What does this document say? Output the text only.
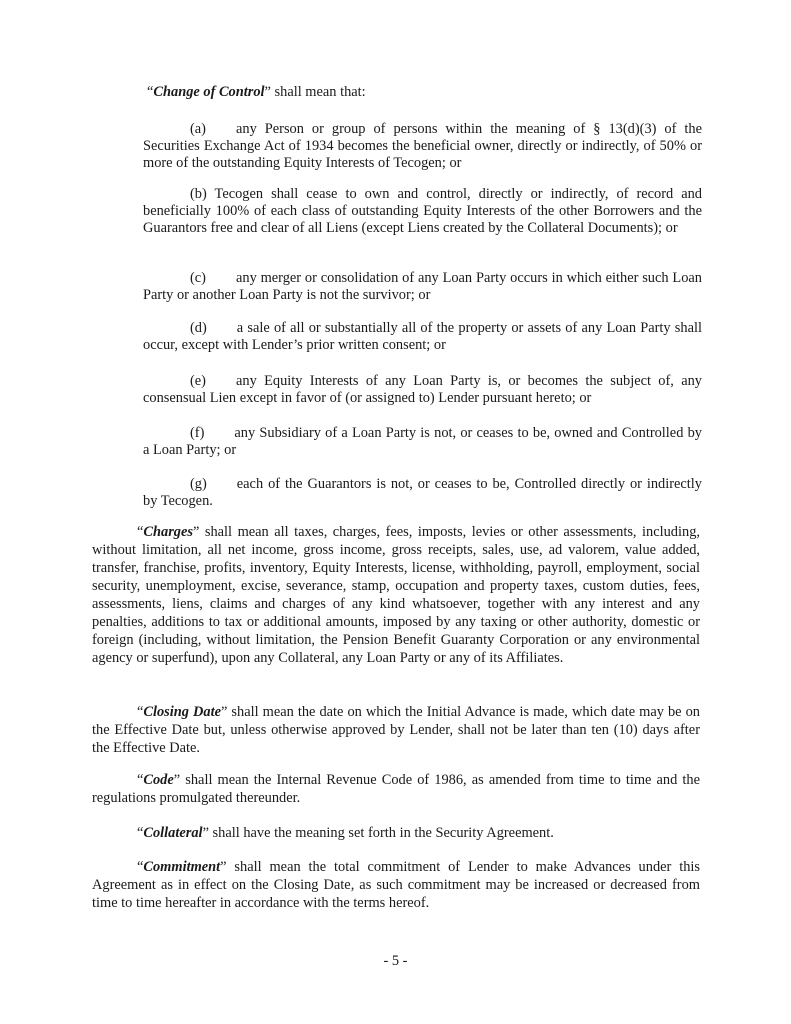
“Change of Control” shall mean that:

(a) any Person or group of persons within the meaning of § 13(d)(3) of the Securities Exchange Act of 1934 becomes the beneficial owner, directly or indirectly, of 50% or more of the outstanding Equity Interests of Tecogen; or

(b) Tecogen shall cease to own and control, directly or indirectly, of record and beneficially 100% of each class of outstanding Equity Interests of the other Borrowers and the Guarantors free and clear of all Liens (except Liens created by the Collateral Documents); or

(c) any merger or consolidation of any Loan Party occurs in which either such Loan Party or another Loan Party is not the survivor; or

(d) a sale of all or substantially all of the property or assets of any Loan Party shall occur, except with Lender’s prior written consent; or

(e) any Equity Interests of any Loan Party is, or becomes the subject of, any consensual Lien except in favor of (or assigned to) Lender pursuant hereto; or

(f) any Subsidiary of a Loan Party is not, or ceases to be, owned and Controlled by a Loan Party; or

(g) each of the Guarantors is not, or ceases to be, Controlled directly or indirectly by Tecogen.

“Charges” shall mean all taxes, charges, fees, imposts, levies or other assessments, including, without limitation, all net income, gross income, gross receipts, sales, use, ad valorem, value added, transfer, franchise, profits, inventory, Equity Interests, license, withholding, payroll, employment, social security, unemployment, excise, severance, stamp, occupation and property taxes, custom duties, fees, assessments, liens, claims and charges of any kind whatsoever, together with any interest and any penalties, additions to tax or additional amounts, imposed by any taxing or other authority, domestic or foreign (including, without limitation, the Pension Benefit Guaranty Corporation or any environmental agency or superfund), upon any Collateral, any Loan Party or any of its Affiliates.

“Closing Date” shall mean the date on which the Initial Advance is made, which date may be on the Effective Date but, unless otherwise approved by Lender, shall not be later than ten (10) days after the Effective Date.

“Code” shall mean the Internal Revenue Code of 1986, as amended from time to time and the regulations promulgated thereunder.

“Collateral” shall have the meaning set forth in the Security Agreement.

“Commitment” shall mean the total commitment of Lender to make Advances under this Agreement as in effect on the Closing Date, as such commitment may be increased or decreased from time to time hereafter in accordance with the terms hereof.

- 5 -
